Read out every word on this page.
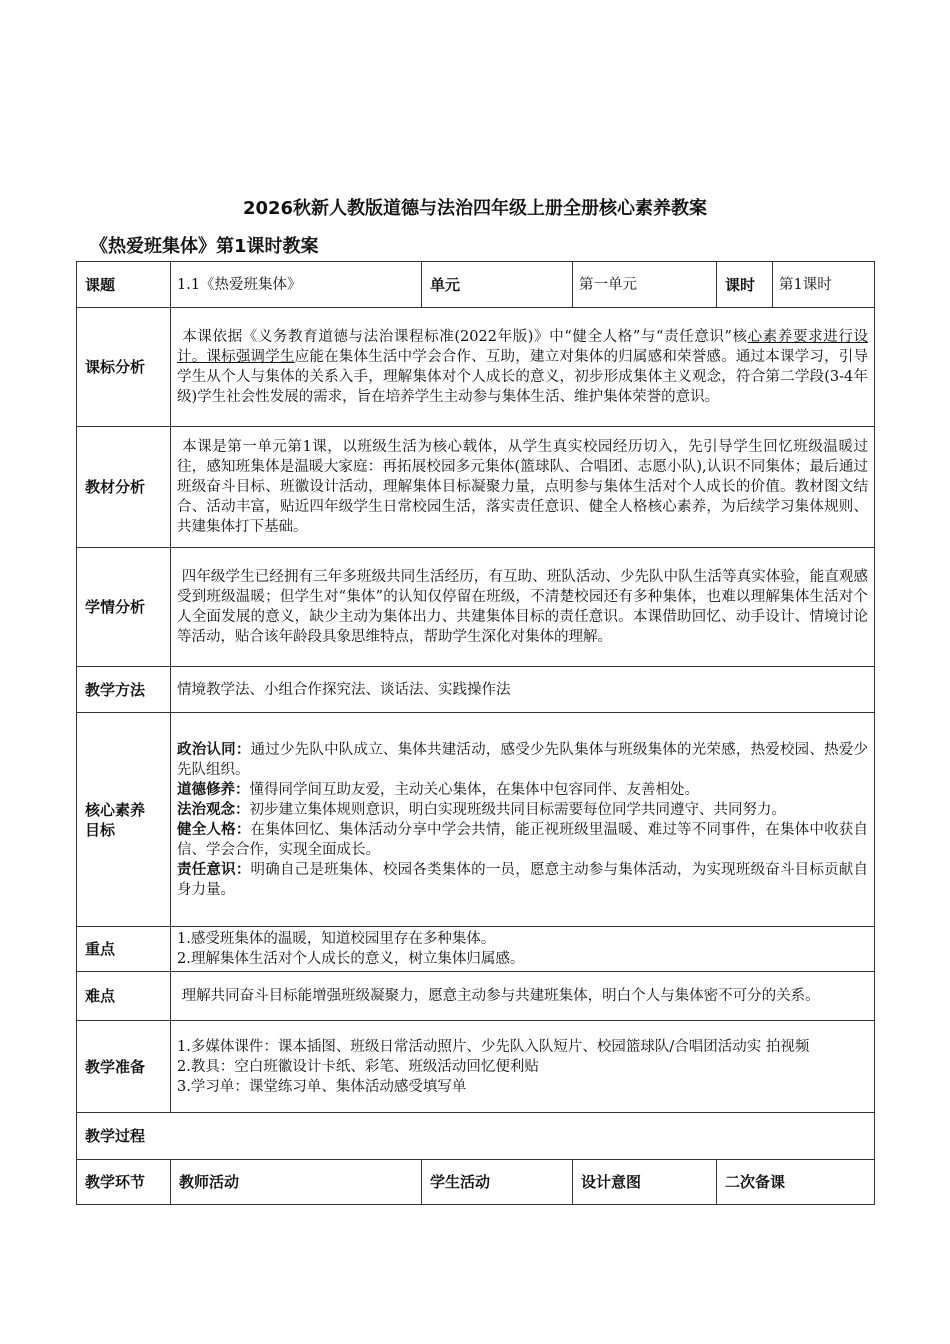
2026秋新人教版道德与法治四年级上册全册核心素养教案
《热爱班集体》第1课时教案
课题	1.1《热爱班集体》	单元	第一单元	课时	第1课时
课标分析	本课依据《义务教育道德与法治课程标准(2022年版)》中“健全人格”与“责任意识”核心素养要求进行设计。课标强调学生应能在集体生活中学会合作、互助，建立对集体的归属感和荣誉感。通过本课学习，引导学生从个人与集体的关系入手，理解集体对个人成长的意义，初步形成集体主义观念，符合第二学段(3-4年级)学生社会性发展的需求，旨在培养学生主动参与集体生活、维护集体荣誉的意识。				
教材分析	本课是第一单元第1课，以班级生活为核心载体，从学生真实校园经历切入，先引导学生回忆班级温暖过往，感知班集体是温暖大家庭：再拓展校园多元集体(篮球队、合唱团、志愿小队),认识不同集体；最后通过班级奋斗目标、班徽设计活动，理解集体目标凝聚力量，点明参与集体生活对个人成长的价值。教材图文结合、活动丰富，贴近四年级学生日常校园生活，落实责任意识、健全人格核心素养，为后续学习集体规则、共建集体打下基础。				
学情分析	四年级学生已经拥有三年多班级共同生活经历，有互助、班队活动、少先队中队生活等真实体验，能直观感受到班级温暖；但学生对“集体”的认知仅停留在班级，不清楚校园还有多种集体，也难以理解集体生活对个人全面发展的意义，缺少主动为集体出力、共建集体目标的责任意识。本课借助回忆、动手设计、情境讨论等活动，贴合该年龄段具象思维特点，帮助学生深化对集体的理解。				
教学方法	情境教学法、小组合作探究法、谈话法、实践操作法				

核心素养
目标	政治认同：通过少先队中队成立、集体共建活动，感受少先队集体与班级集体的光荣感，热爱校园、热爱少先队组织。
道德修养：懂得同学间互助友爱，主动关心集体，在集体中包容同伴、友善相处。
法治观念：初步建立集体规则意识，明白实现班级共同目标需要每位同学共同遵守、共同努力。
健全人格：在集体回忆、集体活动分享中学会共情，能正视班级里温暖、难过等不同事件，在集体中收获自信、学会合作，实现全面成长。
责任意识：明确自己是班集体、校园各类集体的一员，愿意主动参与集体活动，为实现班级奋斗目标贡献自身力量。				

重点	1.感受班集体的温暖，知道校园里存在多种集体。
2.理解集体生活对个人成长的意义，树立集体归属感。				

难点	理解共同奋斗目标能增强班级凝聚力，愿意主动参与共建班集体，明白个人与集体密不可分的关系。				
教学准备	1.多媒体课件：课本插图、班级日常活动照片、少先队入队短片、校园篮球队/合唱团活动实 拍视频
2.教具：空白班徽设计卡纸、彩笔、班级活动回忆便利贴
3.学习单：课堂练习单、集体活动感受填写单				

教学过程					
教学环节	教师活动	学生活动	设计意图	二次备课	
